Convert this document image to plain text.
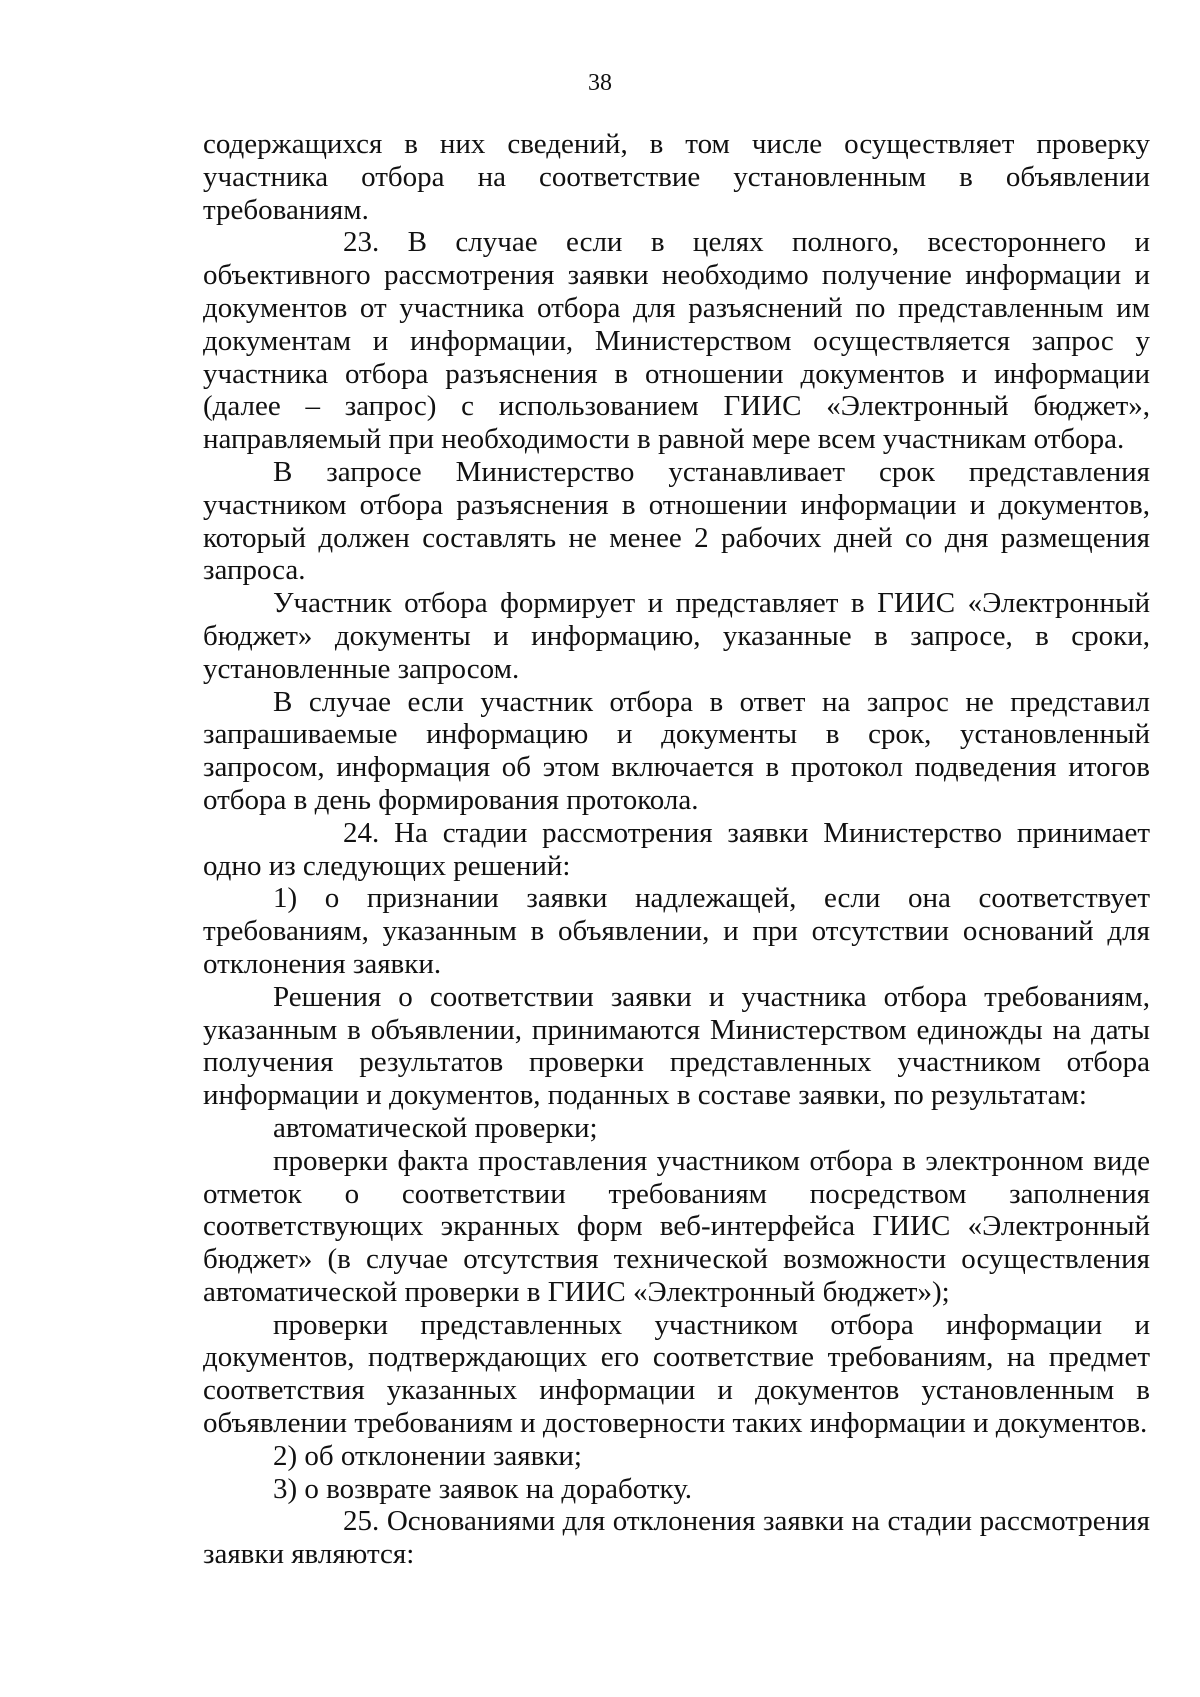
38

содержащихся в них сведений, в том числе осуществляет проверку участника отбора на соответствие установленным в объявлении требованиям.

23. В случае если в целях полного, всестороннего и объективного рассмотрения заявки необходимо получение информации и документов от участника отбора для разъяснений по представленным им документам и информации, Министерством осуществляется запрос у участника отбора разъяснения в отношении документов и информации (далее – запрос) с использованием ГИИС «Электронный бюджет», направляемый при необходимости в равной мере всем участникам отбора.

В запросе Министерство устанавливает срок представления участником отбора разъяснения в отношении информации и документов, который должен составлять не менее 2 рабочих дней со дня размещения запроса.

Участник отбора формирует и представляет в ГИИС «Электронный бюджет» документы и информацию, указанные в запросе, в сроки, установленные запросом.

В случае если участник отбора в ответ на запрос не представил запрашиваемые информацию и документы в срок, установленный запросом, информация об этом включается в протокол подведения итогов отбора в день формирования протокола.

24. На стадии рассмотрения заявки Министерство принимает одно из следующих решений:

1) о признании заявки надлежащей, если она соответствует требованиям, указанным в объявлении, и при отсутствии оснований для отклонения заявки.

Решения о соответствии заявки и участника отбора требованиям, указанным в объявлении, принимаются Министерством единожды на даты получения результатов проверки представленных участником отбора информации и документов, поданных в составе заявки, по результатам:

автоматической проверки;

проверки факта проставления участником отбора в электронном виде отметок о соответствии требованиям посредством заполнения соответствующих экранных форм веб-интерфейса ГИИС «Электронный бюджет» (в случае отсутствия технической возможности осуществления автоматической проверки в ГИИС «Электронный бюджет»);

проверки представленных участником отбора информации и документов, подтверждающих его соответствие требованиям, на предмет соответствия указанных информации и документов установленным в объявлении требованиям и достоверности таких информации и документов.

2) об отклонении заявки;

3) о возврате заявок на доработку.

25. Основаниями для отклонения заявки на стадии рассмотрения заявки являются:
